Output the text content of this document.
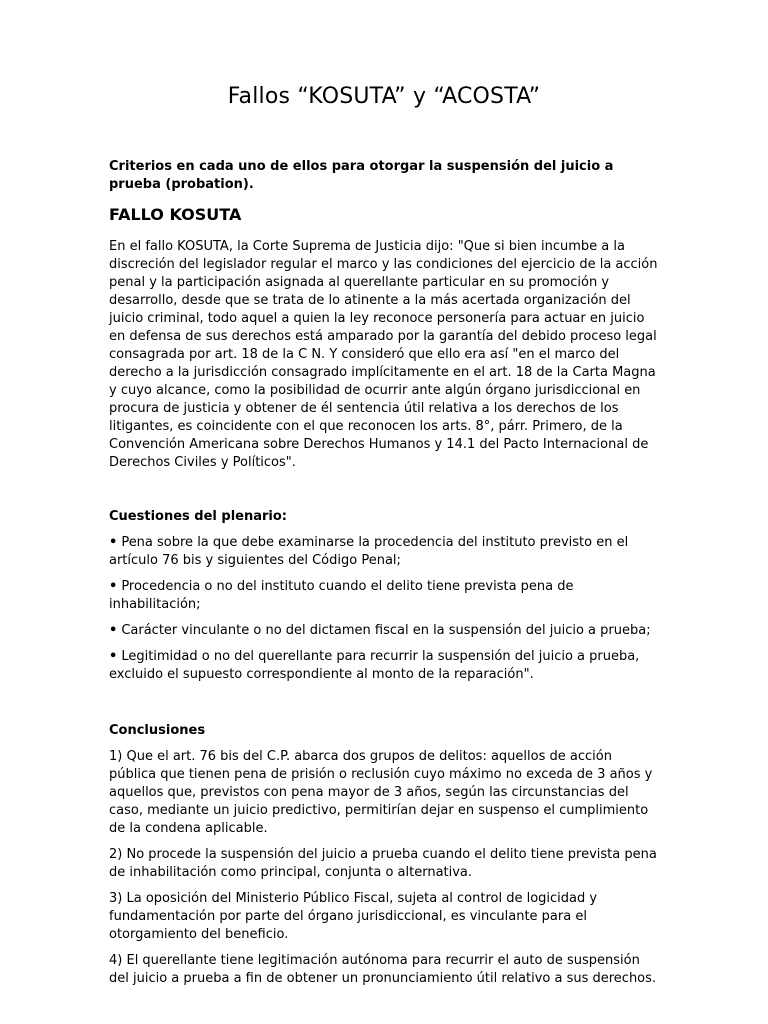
Fallos “KOSUTA” y “ACOSTA”

Criterios en cada uno de ellos para otorgar la suspensión del juicio a prueba (probation).

FALLO KOSUTA

En el fallo KOSUTA, la Corte Suprema de Justicia dijo: "Que si bien incumbe a la discreción del legislador regular el marco y las condiciones del ejercicio de la acción penal y la participación asignada al querellante particular en su promoción y desarrollo, desde que se trata de lo atinente a la más acertada organización del juicio criminal, todo aquel a quien la ley reconoce personería para actuar en juicio en defensa de sus derechos está amparado por la garantía del debido proceso legal consagrada por art. 18 de la C N. Y consideró que ello era así "en el marco del derecho a la jurisdicción consagrado implícitamente en el art. 18 de la Carta Magna y cuyo alcance, como la posibilidad de ocurrir ante algún órgano jurisdiccional en procura de justicia y obtener de él sentencia útil relativa a los derechos de los litigantes, es coincidente con el que reconocen los arts. 8°, párr. Primero, de la Convención Americana sobre Derechos Humanos y 14.1 del Pacto Internacional de Derechos Civiles y Políticos".

Cuestiones del plenario:

• Pena sobre la que debe examinarse la procedencia del instituto previsto en el artículo 76 bis y siguientes del Código Penal;
• Procedencia o no del instituto cuando el delito tiene prevista pena de inhabilitación;
• Carácter vinculante o no del dictamen fiscal en la suspensión del juicio a prueba;
• Legitimidad o no del querellante para recurrir la suspensión del juicio a prueba, excluido el supuesto correspondiente al monto de la reparación".

Conclusiones

1) Que el art. 76 bis del C.P. abarca dos grupos de delitos: aquellos de acción pública que tienen pena de prisión o reclusión cuyo máximo no exceda de 3 años y aquellos que, previstos con pena mayor de 3 años, según las circunstancias del caso, mediante un juicio predictivo, permitirían dejar en suspenso el cumplimiento de la condena aplicable.

2) No procede la suspensión del juicio a prueba cuando el delito tiene prevista pena de inhabilitación como principal, conjunta o alternativa.

3) La oposición del Ministerio Público Fiscal, sujeta al control de logicidad y fundamentación por parte del órgano jurisdiccional, es vinculante para el otorgamiento del beneficio.

4) El querellante tiene legitimación autónoma para recurrir el auto de suspensión del juicio a prueba a fin de obtener un pronunciamiento útil relativo a sus derechos.
